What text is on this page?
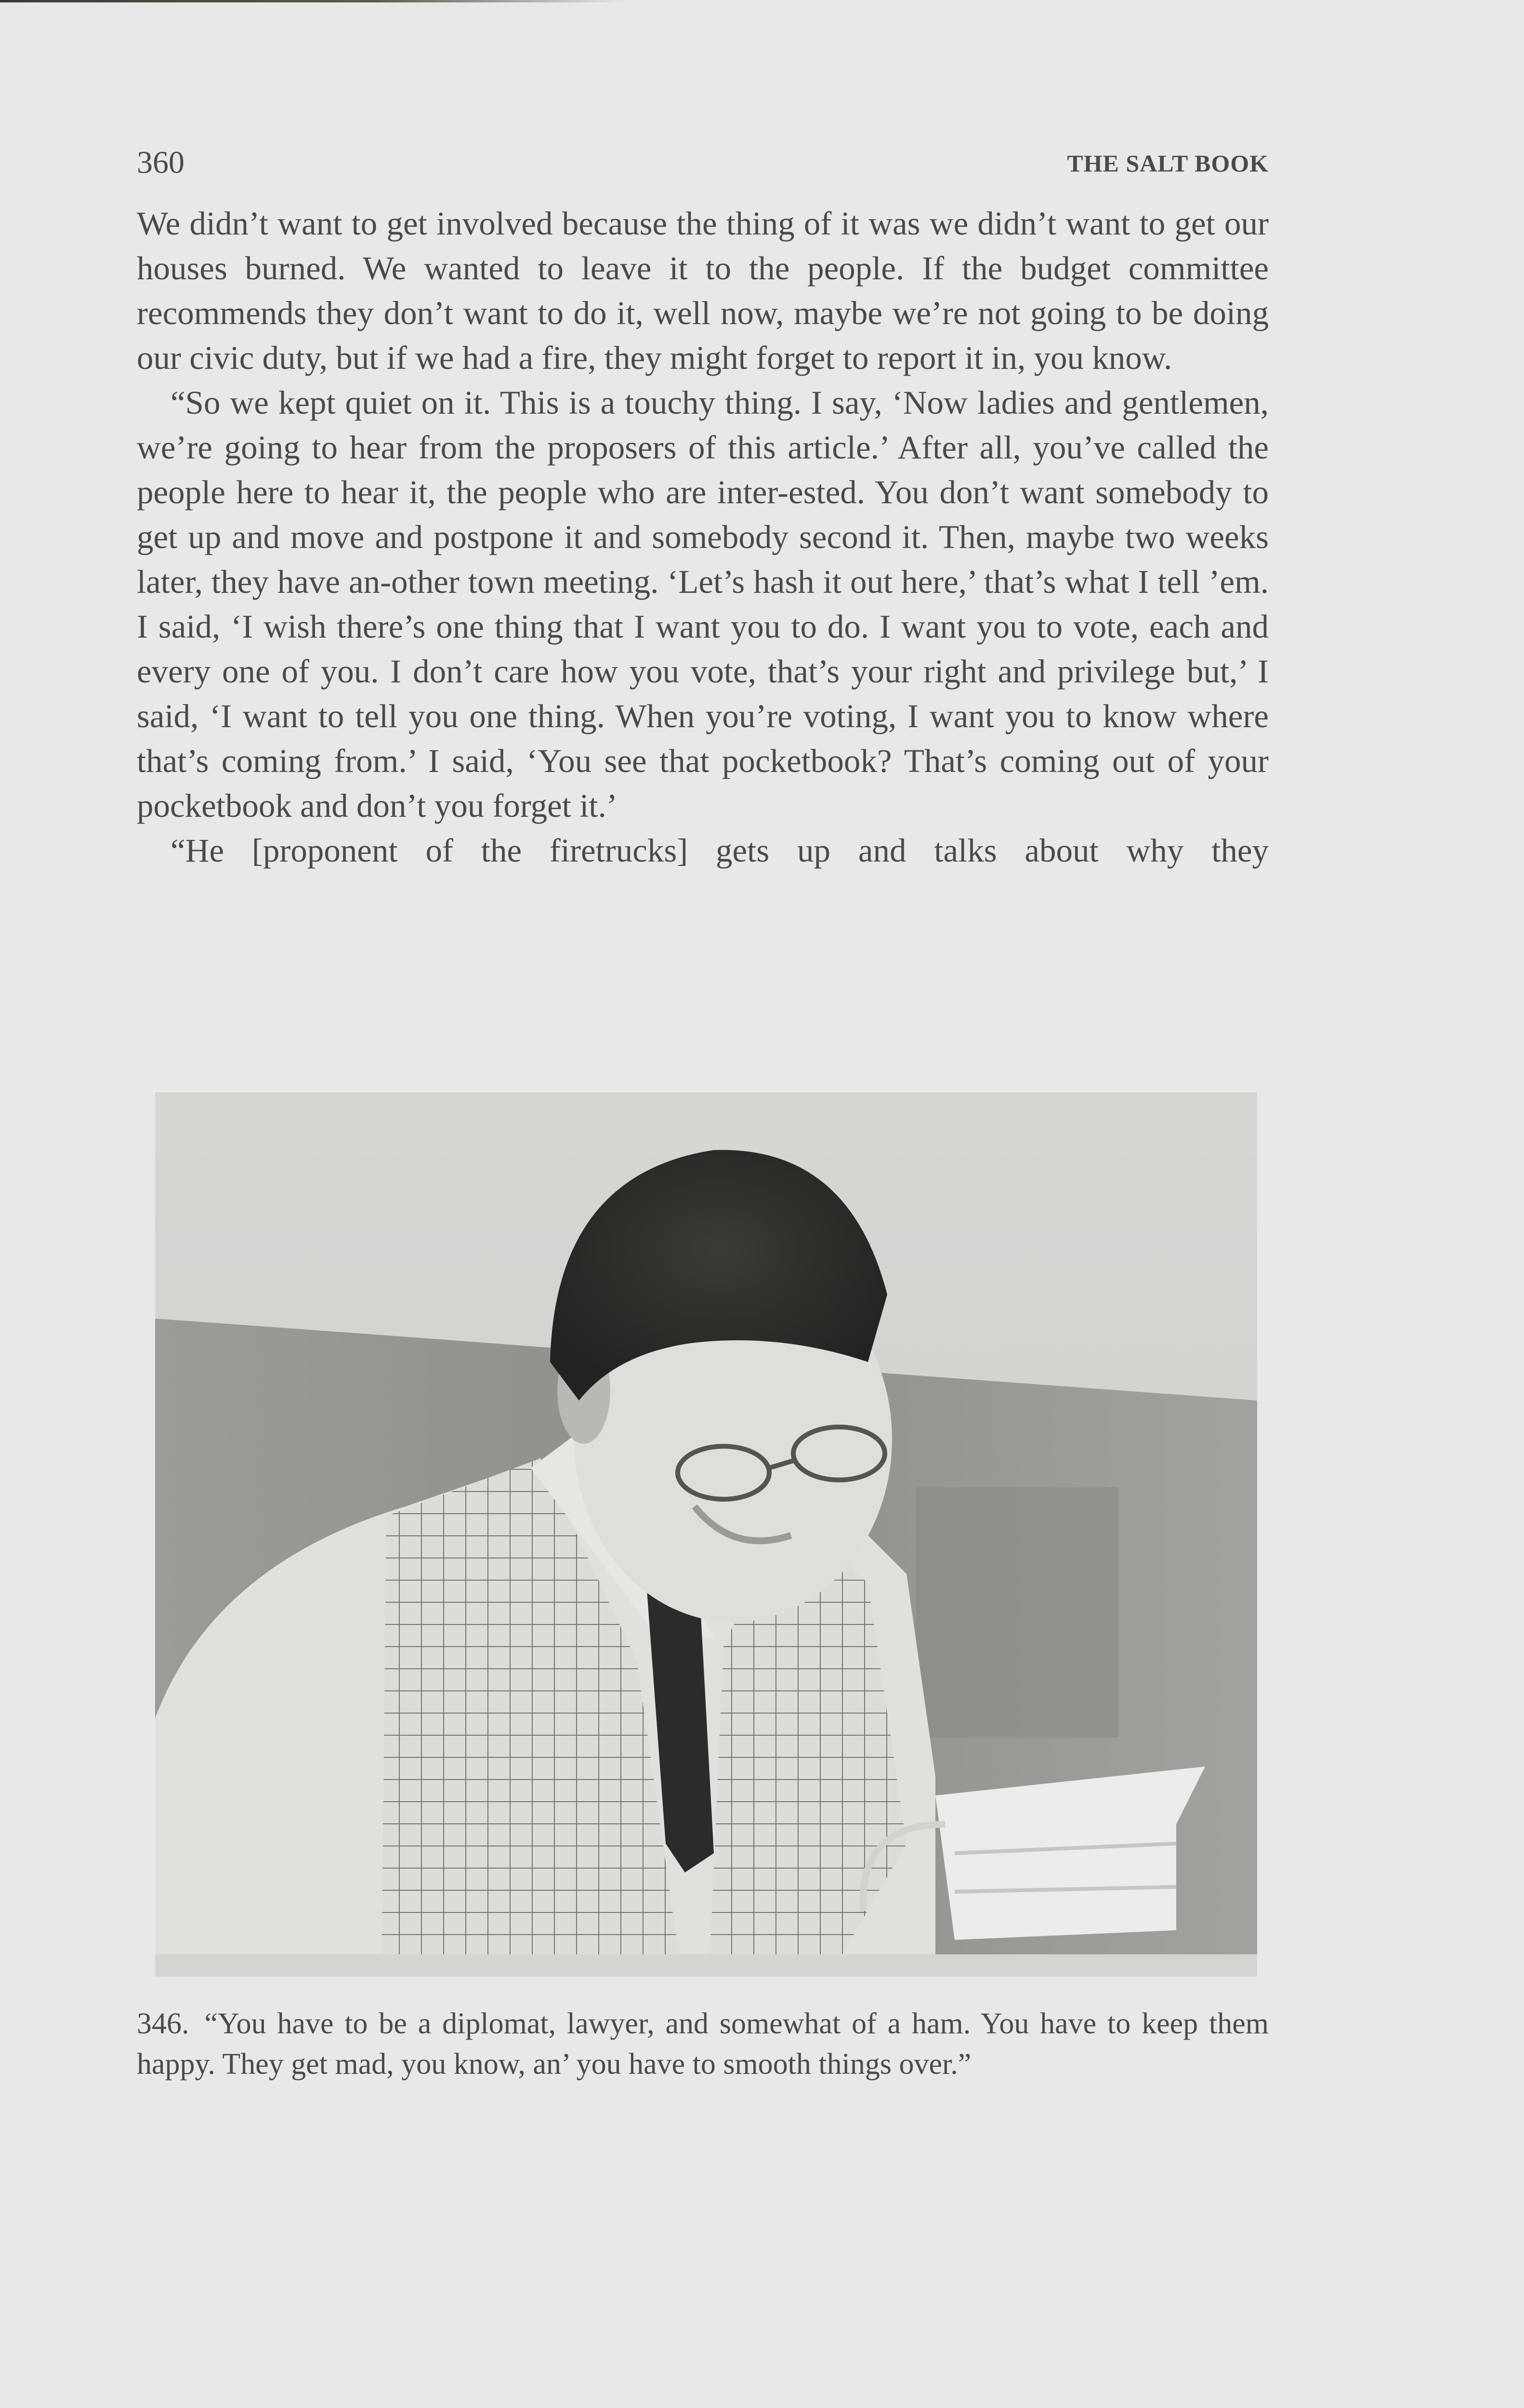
360	THE SALT BOOK

We didn’t want to get involved because the thing of it was we didn’t want to get our houses burned. We wanted to leave it to the people. If the budget committee recommends they don’t want to do it, well now, maybe we’re not going to be doing our civic duty, but if we had a fire, they might forget to report it in, you know.

“So we kept quiet on it. This is a touchy thing. I say, ‘Now ladies and gentlemen, we’re going to hear from the proposers of this article.’ After all, you’ve called the people here to hear it, the people who are inter-ested. You don’t want somebody to get up and move and postpone it and somebody second it. Then, maybe two weeks later, they have an-other town meeting. ‘Let’s hash it out here,’ that’s what I tell ’em. I said, ‘I wish there’s one thing that I want you to do. I want you to vote, each and every one of you. I don’t care how you vote, that’s your right and privilege but,’ I said, ‘I want to tell you one thing. When you’re voting, I want you to know where that’s coming from.’ I said, ‘You see that pocketbook? That’s coming out of your pocketbook and don’t you forget it.’

“He [proponent of the firetrucks] gets up and talks about why they

346. “You have to be a diplomat, lawyer, and somewhat of a ham. You have to keep them happy. They get mad, you know, an’ you have to smooth things over.”
